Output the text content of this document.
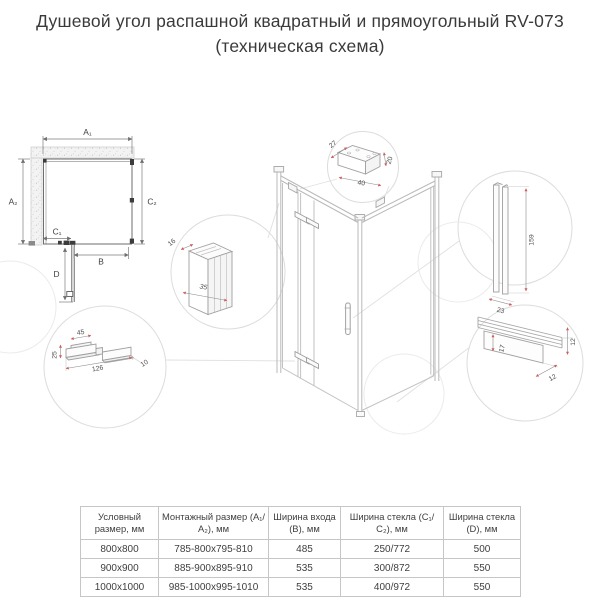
Душевой угол распашной квадратный и прямоугольный RV-073
(техническая схема)
А₁
А₂	С₂
С₁
B
D
27
20
40
16
35
159
23
45
25
126
10
17
12
12
Условный размер, мм	Монтажный размер (А₁/А₂), мм	Ширина входа (В), мм	Ширина стекла (С₁/С₂), мм	Ширина стекла (D), мм
800x800	785-800x795-810	485	250/772	500
900x900	885-900x895-910	535	300/872	550
1000x1000	985-1000x995-1010	535	400/972	550
